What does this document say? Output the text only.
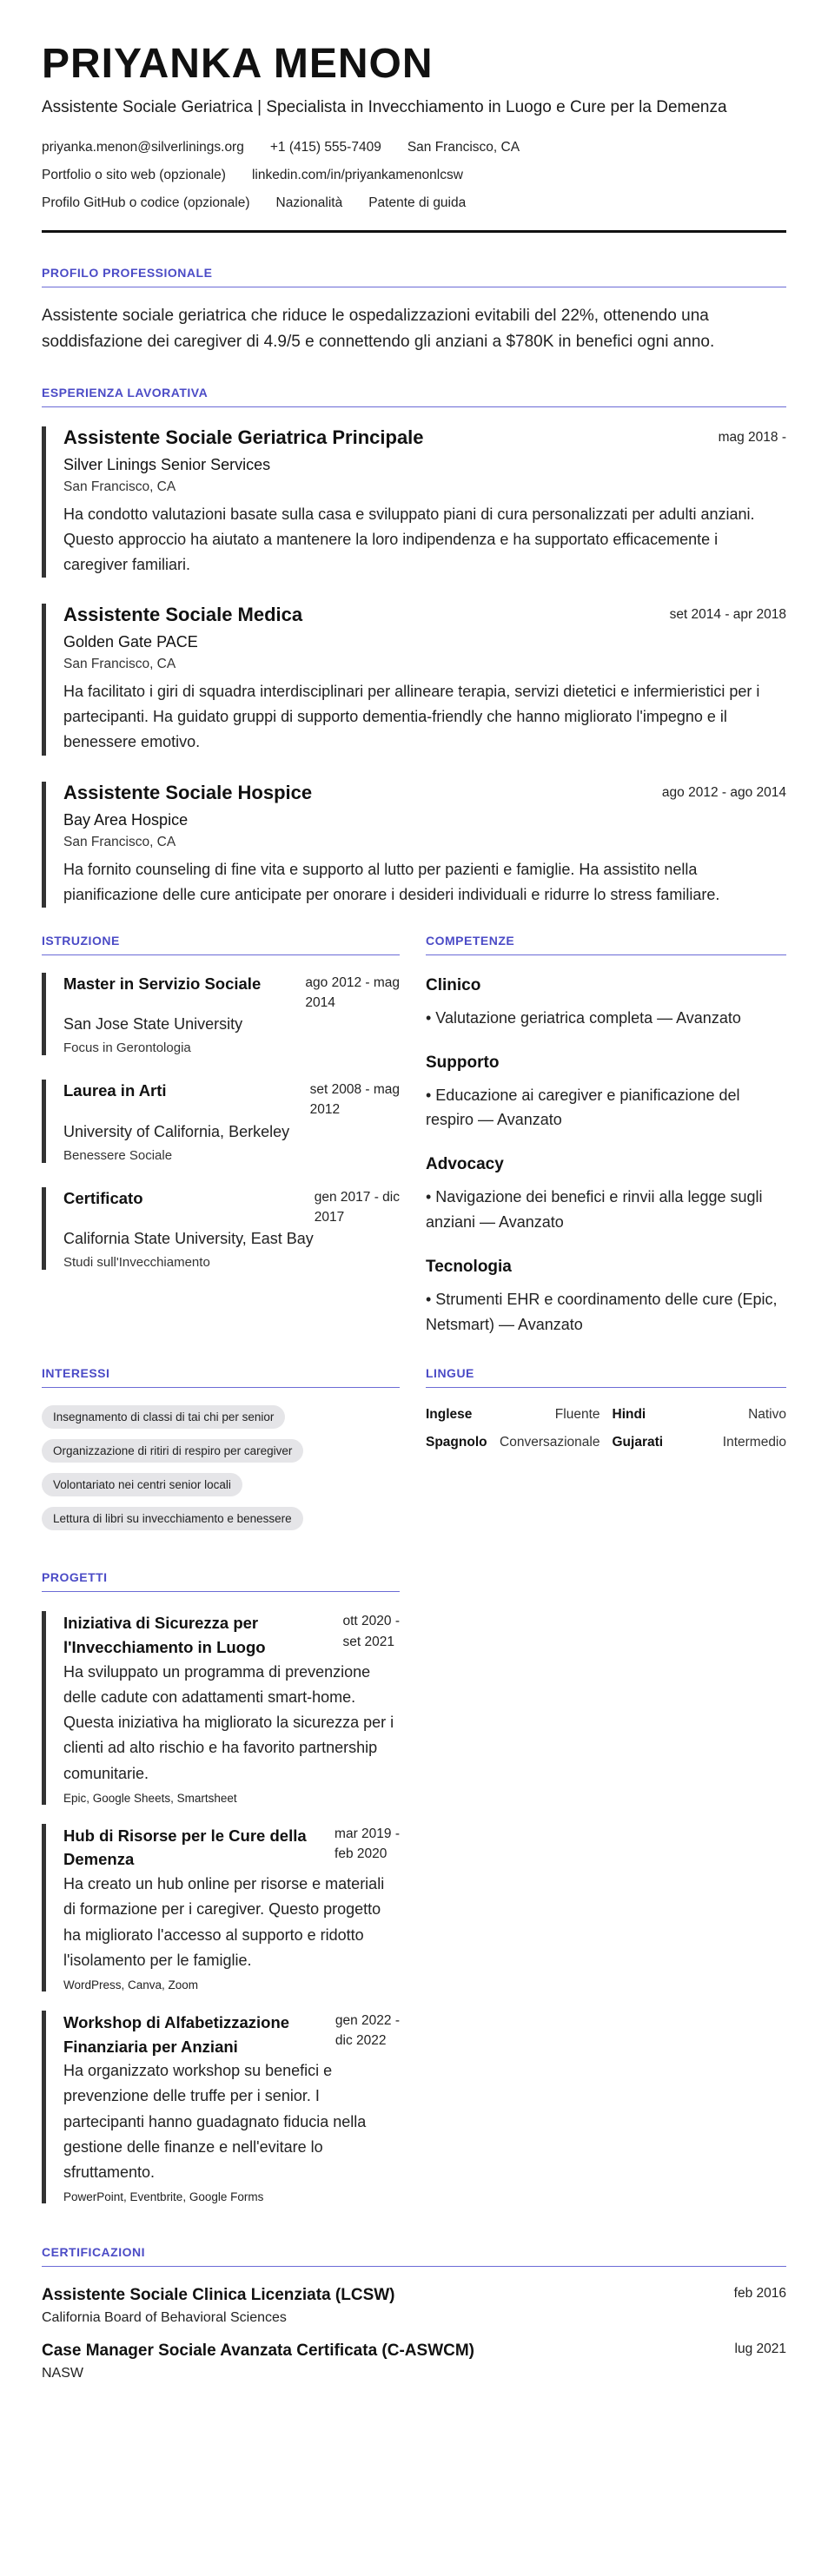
PRIYANKA MENON
Assistente Sociale Geriatrica | Specialista in Invecchiamento in Luogo e Cure per la Demenza
priyanka.menon@silverlinings.org +1 (415) 555-7409 San Francisco, CA
Portfolio o sito web (opzionale) linkedin.com/in/priyankamenonlcsw
Profilo GitHub o codice (opzionale) Nazionalità Patente di guida
PROFILO PROFESSIONALE

Assistente sociale geriatrica che riduce le ospedalizzazioni evitabili del 22%, ottenendo una soddisfazione dei caregiver di 4.9/5 e connettendo gli anziani a $780K in benefici ogni anno.

ESPERIENZA LAVORATIVA
Assistente Sociale Geriatrica Principale	mag 2018 -
Silver Linings Senior Services
San Francisco, CA

Ha condotto valutazioni basate sulla casa e sviluppato piani di cura personalizzati per adulti anziani. Questo approccio ha aiutato a mantenere la loro indipendenza e ha supportato efficacemente i caregiver familiari.

Assistente Sociale Medica	set 2014 - apr 2018
Golden Gate PACE
San Francisco, CA

Ha facilitato i giri di squadra interdisciplinari per allineare terapia, servizi dietetici e infermieristici per i partecipanti. Ha guidato gruppi di supporto dementia-friendly che hanno migliorato l'impegno e il benessere emotivo.

Assistente Sociale Hospice	ago 2012 - ago 2014
Bay Area Hospice
San Francisco, CA

Ha fornito counseling di fine vita e supporto al lutto per pazienti e famiglie. Ha assistito nella pianificazione delle cure anticipate per onorare i desideri individuali e ridurre lo stress familiare.

ISTRUZIONE
Master in Servizio Sociale	ago 2012 - mag
2014
San Jose State University
Focus in Gerontologia
Laurea in Arti	set 2008 - mag
2012
University of California, Berkeley
Benessere Sociale
Certificato	gen 2017 - dic
2017
California State University, East Bay
Studi sull'Invecchiamento
COMPETENZE
Clinico
• Valutazione geriatrica completa — Avanzato
Supporto
• Educazione ai caregiver e pianificazione del respiro — Avanzato
Advocacy
• Navigazione dei benefici e rinvii alla legge sugli anziani — Avanzato
Tecnologia
• Strumenti EHR e coordinamento delle cure (Epic, Netsmart) — Avanzato
INTERESSI
Insegnamento di classi di tai chi per senior
Organizzazione di ritiri di respiro per caregiver
Volontariato nei centri senior locali
Lettura di libri su invecchiamento e benessere
LINGUE
Inglese	Fluente Hindi	Nativo
Spagnolo Conversazionale Gujarati	Intermedio
PROGETTI
Iniziativa di Sicurezza per l'Invecchiamento in Luogo
ott 2020 -
set 2021

Ha sviluppato un programma di prevenzione delle cadute con adattamenti smart-home. Questa iniziativa ha migliorato la sicurezza per i clienti ad alto rischio e ha favorito partnership comunitarie.

Epic, Google Sheets, Smartsheet
Hub di Risorse per le Cure della Demenza
mar 2019 -
feb 2020

Ha creato un hub online per risorse e materiali di formazione per i caregiver. Questo progetto ha migliorato l'accesso al supporto e ridotto l'isolamento per le famiglie.

WordPress, Canva, Zoom
Workshop di Alfabetizzazione Finanziaria per Anziani
gen 2022 -
dic 2022

Ha organizzato workshop su benefici e prevenzione delle truffe per i senior. I partecipanti hanno guadagnato fiducia nella gestione delle finanze e nell'evitare lo sfruttamento.

PowerPoint, Eventbrite, Google Forms
CERTIFICAZIONI
Assistente Sociale Clinica Licenziata (LCSW)	feb 2016
California Board of Behavioral Sciences
Case Manager Sociale Avanzata Certificata (C-ASWCM)	lug 2021
NASW
